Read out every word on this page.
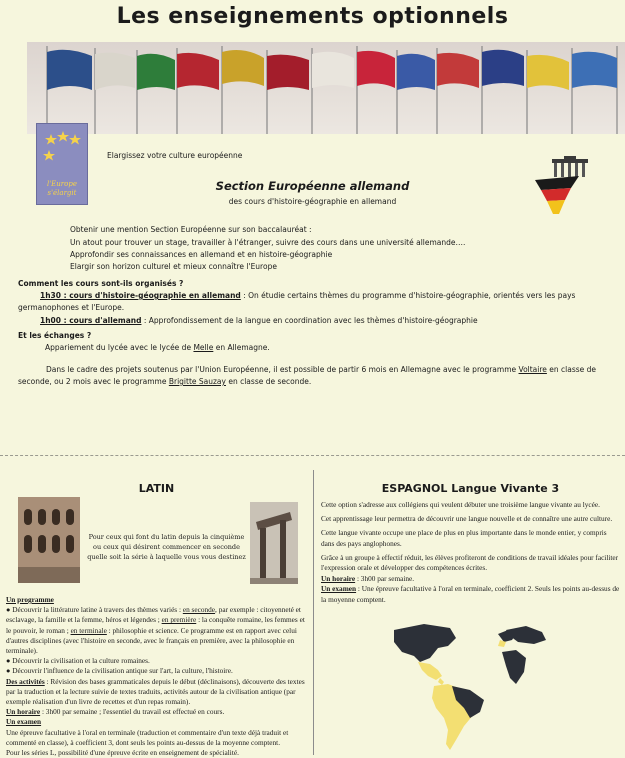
Les enseignements optionnels
l'Europe
s'élargit
Elargissez votre culture européenne
Section Européenne allemand
des cours d'histoire-géographie en allemand
Obtenir une mention Section Européenne sur son baccalauréat :
Un atout pour trouver un stage, travailler à l'étranger, suivre des cours dans une université allemande….
Approfondir ses connaissances en allemand et en histoire-géographie
Elargir son horizon culturel et mieux connaître l'Europe
Comment les cours sont-ils organisés ?
1h30 : cours d'histoire-géographie en allemand : On étudie certains thèmes du programme d'histoire-géographie, orientés vers les pays
germanophones et l'Europe.
1h00 : cours d'allemand : Approfondissement de la langue en coordination avec les thèmes d'histoire-géographie
Et les échanges ?
Appariement du lycée avec le lycée de Melle en Allemagne.
Dans le cadre des projets soutenus par l'Union Européenne, il est possible de partir 6 mois en Allemagne avec le programme Voltaire en classe de seconde, ou 2 mois avec le programme Brigitte Sauzay en classe de seconde.
LATIN
Pour ceux qui font du latin depuis la cinquième ou ceux qui désirent commencer en seconde quelle soit la série à laquelle vous vous destinez
Un programme
● Découvrir la littérature latine à travers des thèmes variés : en seconde, par exemple : citoyenneté et esclavage, la famille et la femme, héros et légendes ; en première : la conquête romaine, les femmes et le pouvoir, le roman ; en terminale : philosophie et science. Ce programme est en rapport avec celui d'autres disciplines (avec l'histoire en seconde, avec le français en première, avec la philosophie en terminale).
● Découvrir la civilisation et la culture romaines.
● Découvrir l'influence de la civilisation antique sur l'art, la culture, l'histoire.
Des activités : Révision des bases grammaticales depuis le début (déclinaisons), découverte des textes par la traduction et la lecture suivie de textes traduits, activités autour de la civilisation antique (par exemple réalisation d'un livre de recettes et d'un repas romain).
Un horaire : 3h00 par semaine ; l'essentiel du travail est effectué en cours.
Un examen
Une épreuve facultative à l'oral en terminale (traduction et commentaire d'un texte déjà traduit et commenté en classe), à coefficient 3, dont seuls les points au-dessus de la moyenne comptent.
Pour les séries L, possibilité d'une épreuve écrite en enseignement de spécialité.
ESPAGNOL Langue Vivante 3

Cette option s'adresse aux collégiens qui veulent débuter une troisième langue vivante au lycée.

Cet apprentissage leur permettra de découvrir une langue nouvelle et de connaître une autre culture.

Cette langue vivante occupe une place de plus en plus importante dans le monde entier, y compris dans des pays anglophones.

Grâce à un groupe à effectif réduit, les élèves profiteront de conditions de travail idéales pour faciliter l'expression orale et développer des compétences écrites.

Un horaire : 3h00 par semaine.
Un examen : Une épreuve facultative à l'oral en terminale, coefficient 2. Seuls les points au-dessus de la moyenne comptent.
